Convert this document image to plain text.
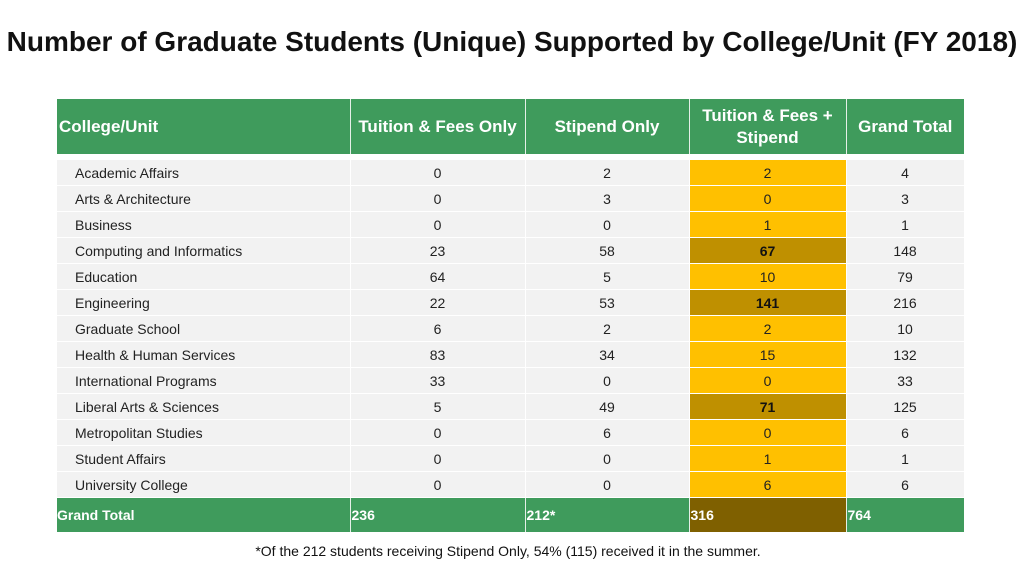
Number of Graduate Students (Unique) Supported by College/Unit (FY 2018)
College/Unit	Tuition & Fees Only	Stipend Only	Tuition & Fees + Stipend	Grand Total

Academic Affairs	0	2	2	4
Arts & Architecture	0	3	0	3
Business	0	0	1	1
Computing and Informatics	23	58	67	148
Education	64	5	10	79
Engineering	22	53	141	216
Graduate School	6	2	2	10
Health & Human Services	83	34	15	132
International Programs	33	0	0	33
Liberal Arts & Sciences	5	49	71	125
Metropolitan Studies	0	6	0	6
Student Affairs	0	0	1	1
University College	0	0	6	6
Grand Total	236	212*	316	764
*Of the 212 students receiving Stipend Only, 54% (115) received it in the summer.
